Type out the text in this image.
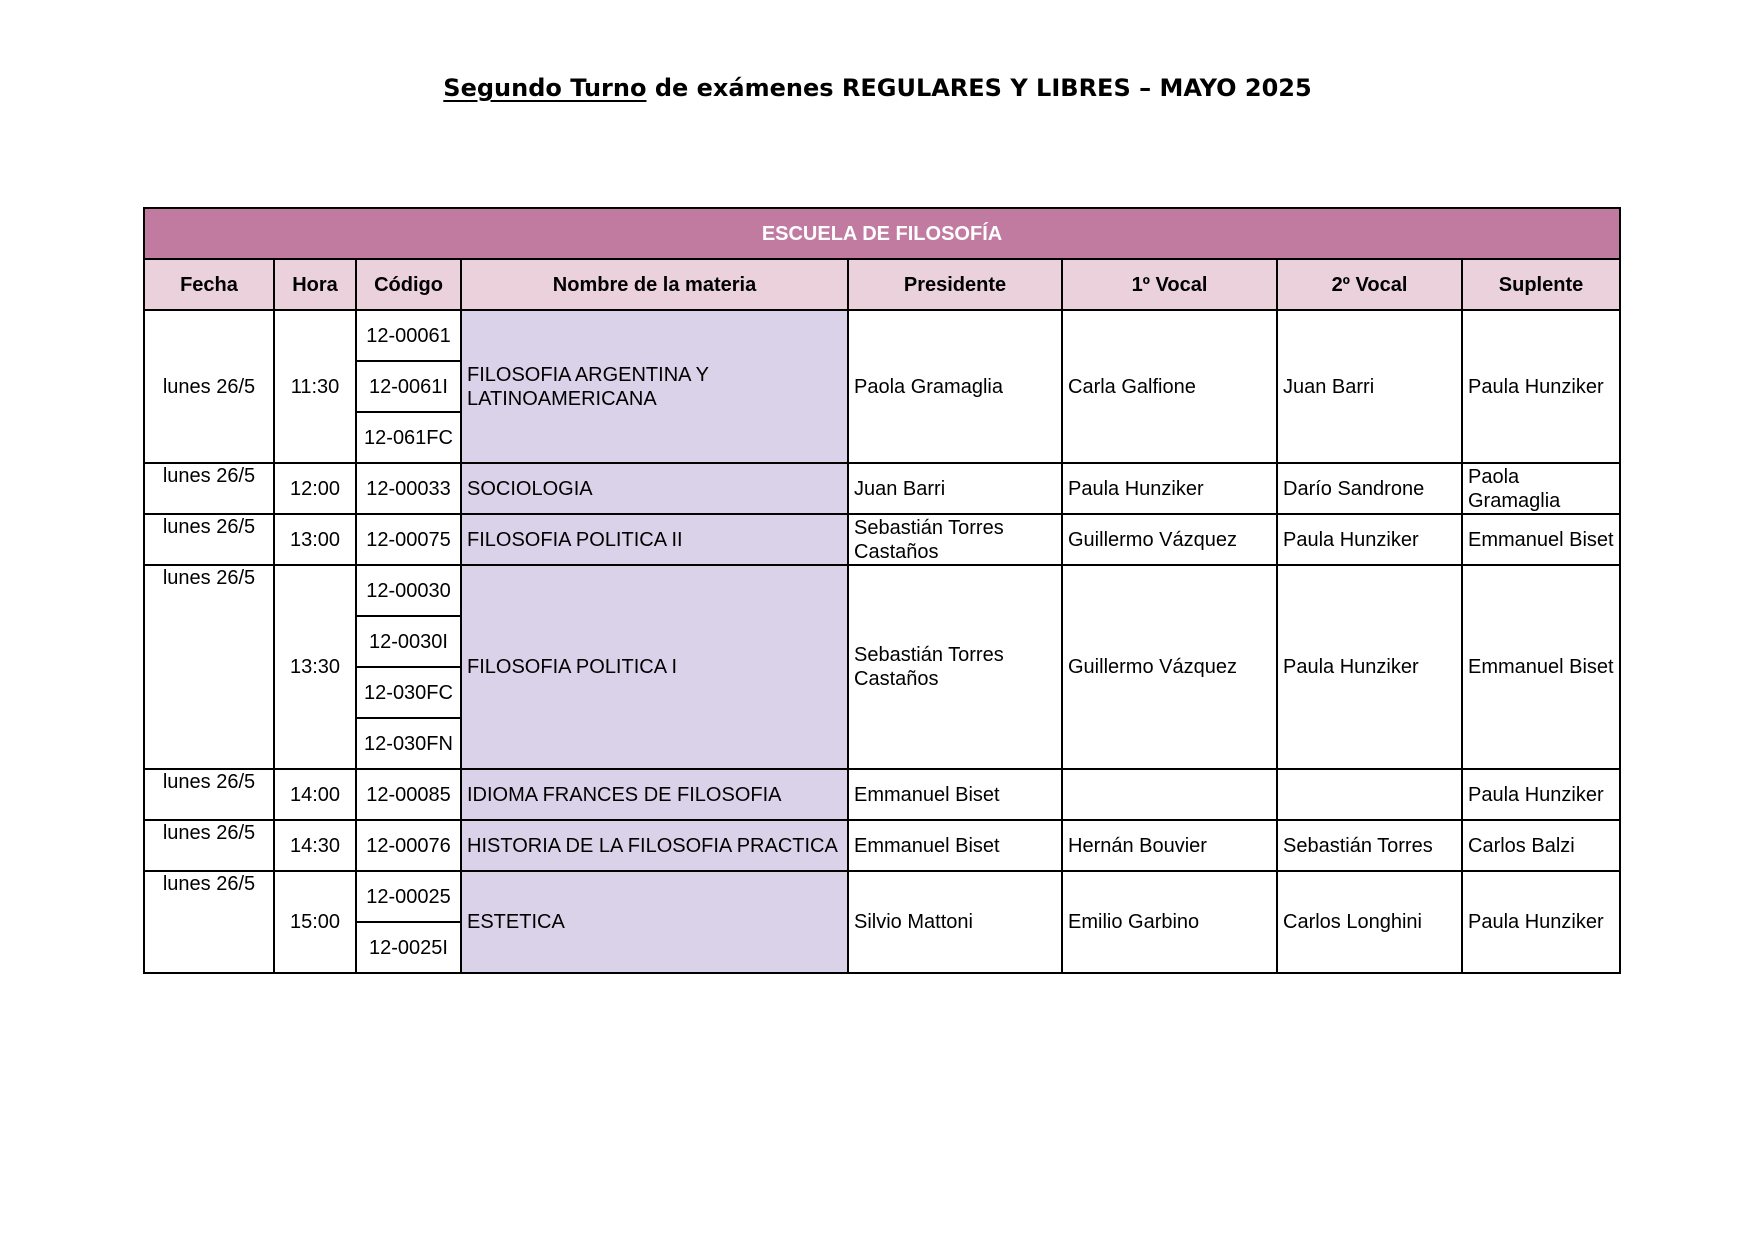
Segundo Turno de exámenes REGULARES Y LIBRES – MAYO 2025
ESCUELA DE FILOSOFÍA							
Fecha	Hora	Código	Nombre de la materia	Presidente	1º Vocal	2º Vocal	Suplente
lunes 26/5	11:30	12-00061	FILOSOFIA ARGENTINA Y LATINOAMERICANA	Paola Gramaglia	Carla Galfione	Juan Barri	Paula Hunziker
		12-0061I					
		12-061FC					
lunes 26/5	12:00	12-00033	SOCIOLOGIA	Juan Barri	Paula Hunziker	Darío Sandrone	Paola Gramaglia
lunes 26/5	13:00	12-00075	FILOSOFIA POLITICA II	Sebastián Torres Castaños	Guillermo Vázquez	Paula Hunziker	Emmanuel Biset
lunes 26/5	13:30	12-00030	FILOSOFIA POLITICA I	Sebastián Torres Castaños	Guillermo Vázquez	Paula Hunziker	Emmanuel Biset
		12-0030I					
		12-030FC					
		12-030FN					
lunes 26/5	14:00	12-00085	IDIOMA FRANCES DE FILOSOFIA	Emmanuel Biset			Paula Hunziker
lunes 26/5	14:30	12-00076	HISTORIA DE LA FILOSOFIA PRACTICA	Emmanuel Biset	Hernán Bouvier	Sebastián Torres	Carlos Balzi
lunes 26/5	15:00	12-00025	ESTETICA	Silvio Mattoni	Emilio Garbino	Carlos Longhini	Paula Hunziker
		12-0025I					
